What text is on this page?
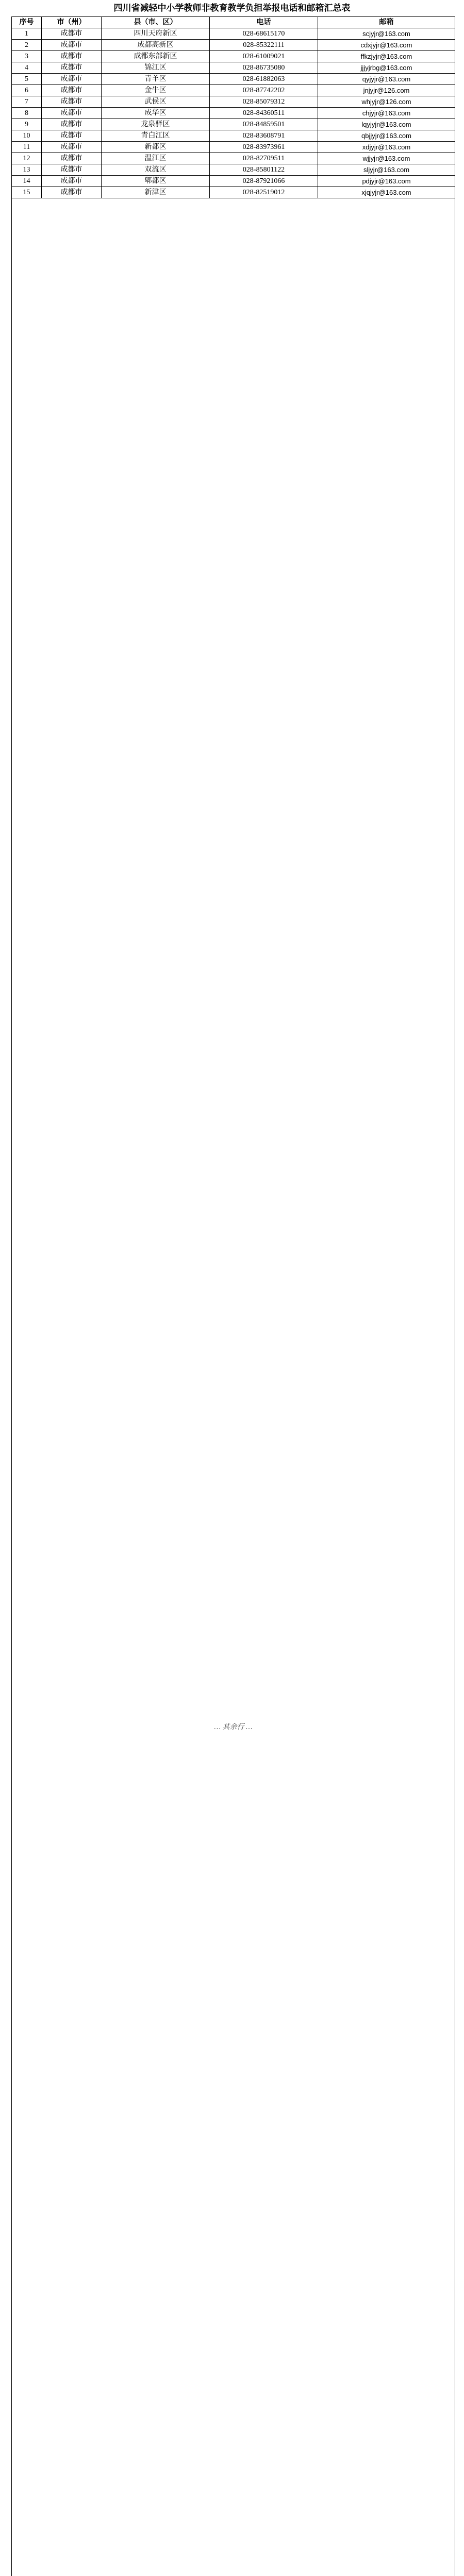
四川省减轻中小学教师非教育教学负担举报电话和邮箱汇总表
序号	市（州）	县（市、区）	电话	邮箱
1	成都市	四川天府新区	028-68615170	scjyjr@163.com
2	成都市	成都高新区	028-85322111	cdxjyjr@163.com
3	成都市	成都东部新区	028-61009021	ffkzjyjr@163.com
4	成都市	锦江区	028-86735080	jjjyjrbg@163.com
5	成都市	青羊区	028-61882063	qyjyjr@163.com
6	成都市	金牛区	028-87742202	jnjyjr@126.com
7	成都市	武侯区	028-85079312	whjyjr@126.com
8	成都市	成华区	028-84360511	chjyjr@163.com
9	成都市	龙泉驿区	028-84859501	lqyjyjr@163.com
10	成都市	青白江区	028-83608791	qbjjyjr@163.com
11	成都市	新都区	028-83973961	xdjyjr@163.com
12	成都市	温江区	028-82709511	wjjyjr@163.com
13	成都市	双流区	028-85801122	sljyjr@163.com
14	成都市	郫都区	028-87921066	pdjyjr@163.com
15	成都市	新津区	028-82519012	xjqjyjr@163.com
… 其余行 …				
